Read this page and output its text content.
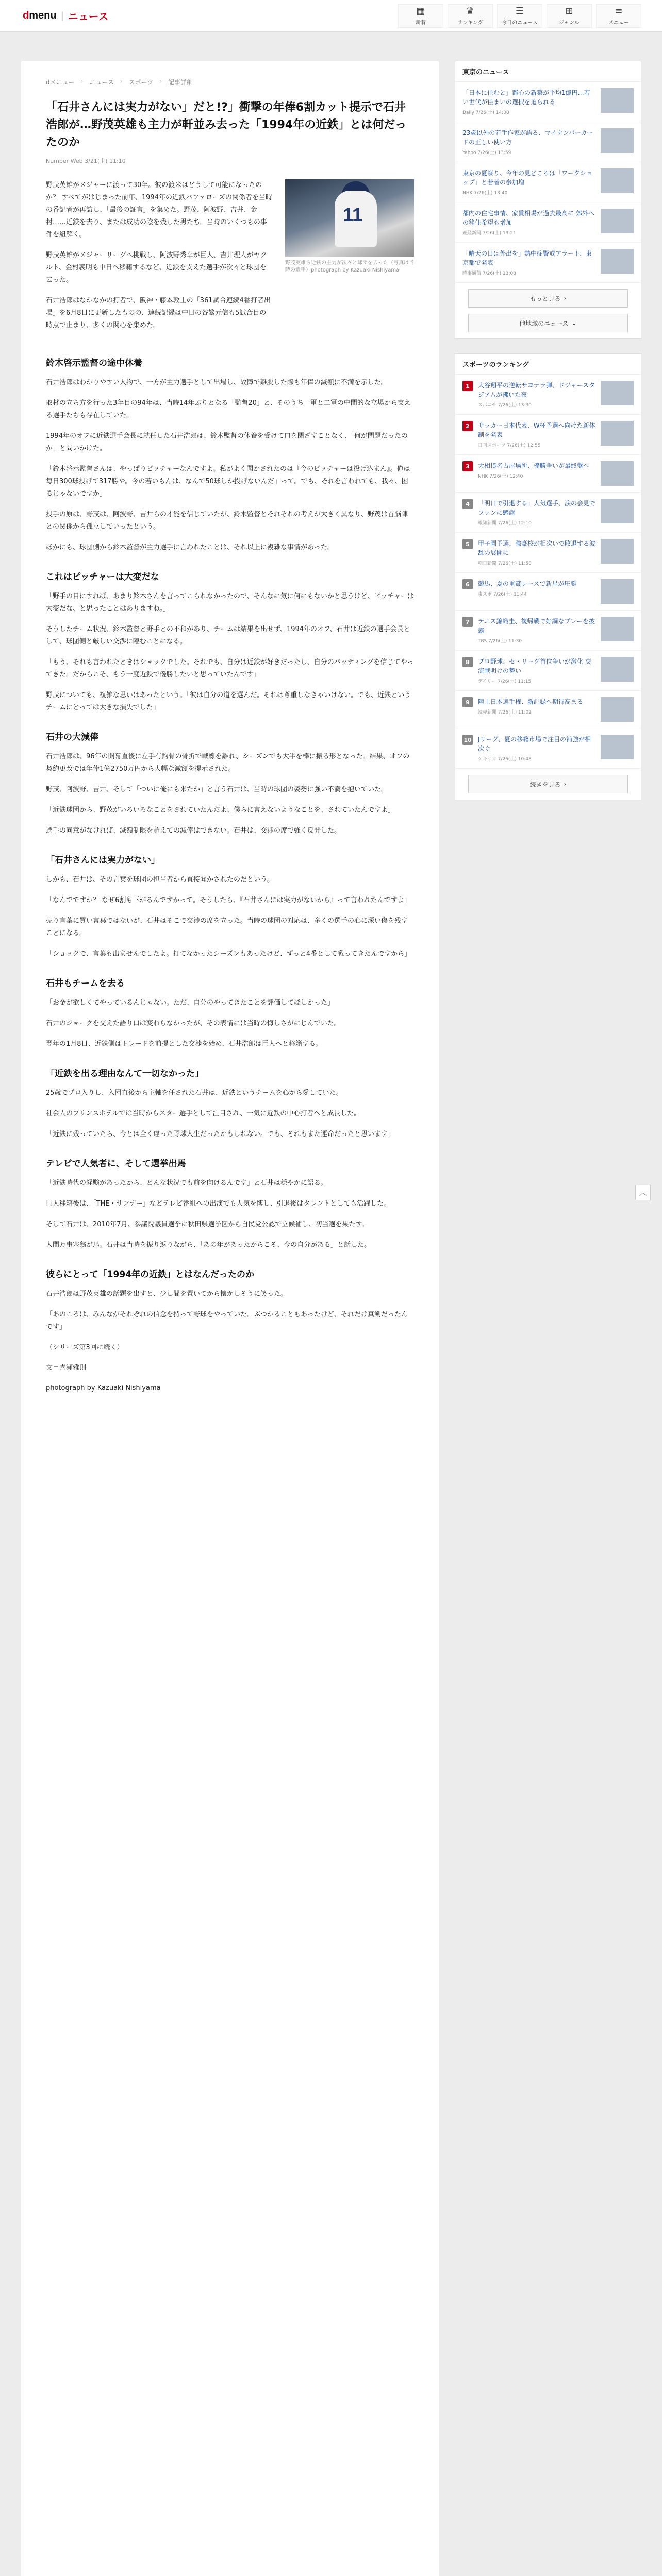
dmenu | ニュース
▦
新着
♛
ランキング
☰
今日のニュース
⊞
ジャンル
≡
メニュー
dメニュー › ニュース › スポーツ › 記事詳細
「石井さんには実力がない」だと!?」衝撃の年俸6割カット提示で石井浩郎が…野茂英雄も主力が軒並み去った「1994年の近鉄」とは何だったのか
Number Web 3/21(土) 11:10

野茂英雄がメジャーに渡って30年。彼の渡米はどうして可能になったのか？ すべてがはじまった前年、1994年の近鉄バファローズの関係者を当時の番記者が再訪し、「最後の証言」を集めた。野茂、阿波野、吉井、金村……近鉄を去り、または成功の陰を残した男たち。当時のいくつもの事件を紐解く。

野茂英雄がメジャーリーグへ挑戦し、阿波野秀幸が巨人、吉井理人がヤクルト、金村義明も中日へ移籍するなど、近鉄を支えた選手が次々と球団を去った。

石井浩郎はなかなかの打者で、阪神・藤本敦士の「361試合連続4番打者出場」を6月8日に更新したものの、連続記録は中日の谷繁元信も5試合目の時点で止まり、多くの関心を集めた。

11
野茂英雄ら近鉄の主力が次々と球団を去った（写真は当時の選手）photograph by Kazuaki Nishiyama
鈴木啓示監督の途中休養

石井浩郎はわかりやすい人物で、一方が主力選手として出場し、故障で離脱した際も年俸の減額に不満を示した。

取材の立ち方を行った3年目の94年は、当時14年ぶりとなる「監督20」と、そのうち一軍と二軍の中間的な立場から支える選手たちも存在していた。

1994年のオフに近鉄選手会長に就任した石井浩郎は、鈴木監督の休養を受けて口を閉ざすことなく、「何が問題だったのか」と問いかけた。

「鈴木啓示監督さんは、やっぱりピッチャーなんですよ。私がよく聞かされたのは『今のピッチャーは投げ込まん』。俺は毎日300球投げて317勝や。今の若いもんは、なんで50球しか投げないんだ」って。でも、それを言われても、我々、困るじゃないですか」

投手の原は、野茂は、阿波野、吉井らの才能を信じていたが、鈴木監督とそれぞれの考えが大きく異なり、野茂は首脳陣との関係から孤立していったという。

ほかにも、球団側から鈴木監督が主力選手に言われたことは、それ以上に複雑な事情があった。

これはピッチャーは大変だな

「野手の目にすれば、あまり鈴木さんを言ってこられなかったので、そんなに気に何にもないかと思うけど、ピッチャーは大変だな、と思ったことはありますね。」

そうしたチーム状況、鈴木監督と野手との不和があり、チームは結果を出せず、1994年のオフ、石井は近鉄の選手会長として、球団側と厳しい交渉に臨むことになる。

「もう、それも言われたときはショックでした。それでも、自分は近鉄が好きだったし、自分のバッティングを信じてやってきた。だからこそ、もう一度近鉄で優勝したいと思っていたんです」

野茂についても、複雑な思いはあったという。「彼は自分の道を選んだ。それは尊重しなきゃいけない。でも、近鉄というチームにとっては大きな損失でした」

石井の大減俸

石井浩郎は、96年の開幕直後に左手有鉤骨の骨折で戦線を離れ、シーズンでも大半を棒に振る形となった。結果、オフの契約更改では年俸1億2750万円から大幅な減額を提示された。

野茂、阿波野、吉井、そして「ついに俺にも来たか」と言う石井は、当時の球団の姿勢に強い不満を抱いていた。

「近鉄球団から、野茂がいろいろなことをされていたんだよ、僕らに言えないようなことを、されていたんですよ」

選手の同意がなければ、減額制限を超えての減俸はできない。石井は、交渉の席で強く反発した。

「石井さんには実力がない」

しかも、石井は、その言葉を球団の担当者から直接聞かされたのだという。

「なんでですか？ なぜ6割も下がるんですかって。そうしたら、『石井さんには実力がないから』って言われたんですよ」

売り言葉に買い言葉ではないが、石井はそこで交渉の席を立った。当時の球団の対応は、多くの選手の心に深い傷を残すことになる。

「ショックで、言葉も出ませんでしたよ。打てなかったシーズンもあったけど、ずっと4番として戦ってきたんですから」

石井もチームを去る

「お金が欲しくてやっているんじゃない。ただ、自分のやってきたことを評価してほしかった」

石井のジョークを交えた語り口は変わらなかったが、その表情には当時の悔しさがにじんでいた。

翌年の1月8日、近鉄側はトレードを前提とした交渉を始め、石井浩郎は巨人へと移籍する。

「近鉄を出る理由なんて一切なかった」

25歳でプロ入りし、入団直後から主軸を任された石井は、近鉄というチームを心から愛していた。

社会人のプリンスホテルでは当時からスター選手として注目され、一気に近鉄の中心打者へと成長した。

「近鉄に残っていたら、今とは全く違った野球人生だったかもしれない。でも、それもまた運命だったと思います」

テレビで人気者に、そして選挙出馬

「近鉄時代の経験があったから、どんな状況でも前を向けるんです」と石井は穏やかに語る。

巨人移籍後は、「THE・サンデー」などテレビ番組への出演でも人気を博し、引退後はタレントとしても活躍した。

そして石井は、2010年7月、参議院議員選挙に秋田県選挙区から自民党公認で立候補し、初当選を果たす。

人間万事塞翁が馬。石井は当時を振り返りながら、「あの年があったからこそ、今の自分がある」と話した。

彼らにとって「1994年の近鉄」とはなんだったのか

石井浩郎は野茂英雄の話題を出すと、少し間を置いてから懐かしそうに笑った。

「あのころは、みんながそれぞれの信念を持って野球をやっていた。ぶつかることもあったけど、それだけ真剣だったんです」

（シリーズ第3回に続く）

文＝喜瀬雅則

photograph by Kazuaki Nishiyama
東京のニュース
「日本に住むと」都心の新築が平均1億円…若い世代が住まいの選択を迫られる
Daily 7/26(土) 14:00
23歳以外の若手作家が語る、マイナンバーカードの正しい使い方
Yahoo 7/26(土) 13:59
東京の夏祭り、今年の見どころは「ワークショップ」と若者の参加増
NHK 7/26(土) 13:40
都内の住宅事情、家賃相場が過去最高に 郊外への移住希望も増加
産経新聞 7/26(土) 13:21
「晴天の日は外出を」熱中症警戒アラート、東京都で発表
時事通信 7/26(土) 13:08
もっと見る ›
他地域のニュース ⌄
スポーツのランキング
1	大谷翔平の逆転サヨナラ弾、ドジャースタジアムが沸いた夜
スポニチ 7/26(土) 13:30
2	サッカー日本代表、W杯予選へ向けた新体制を発表
日刊スポーツ 7/26(土) 12:55
3	大相撲名古屋場所、優勝争いが最終盤へ
NHK 7/26(土) 12:40
4	「明日で引退する」人気選手、涙の会見でファンに感謝
報知新聞 7/26(土) 12:10
5	甲子園予選、強豪校が相次いで敗退する波乱の展開に
朝日新聞 7/26(土) 11:58
6	競馬、夏の重賞レースで新星が圧勝
東スポ 7/26(土) 11:44
7	テニス錦織圭、復帰戦で好調なプレーを披露
TBS 7/26(土) 11:30
8	プロ野球、セ・リーグ首位争いが激化 交流戦明けの勢い
デイリー 7/26(土) 11:15
9	陸上日本選手権、新記録へ期待高まる
読売新聞 7/26(土) 11:02
10 Jリーグ、夏の移籍市場で注目の補強が相次ぐ
ゲキサカ 7/26(土) 10:48
続きを見る ›
︿
